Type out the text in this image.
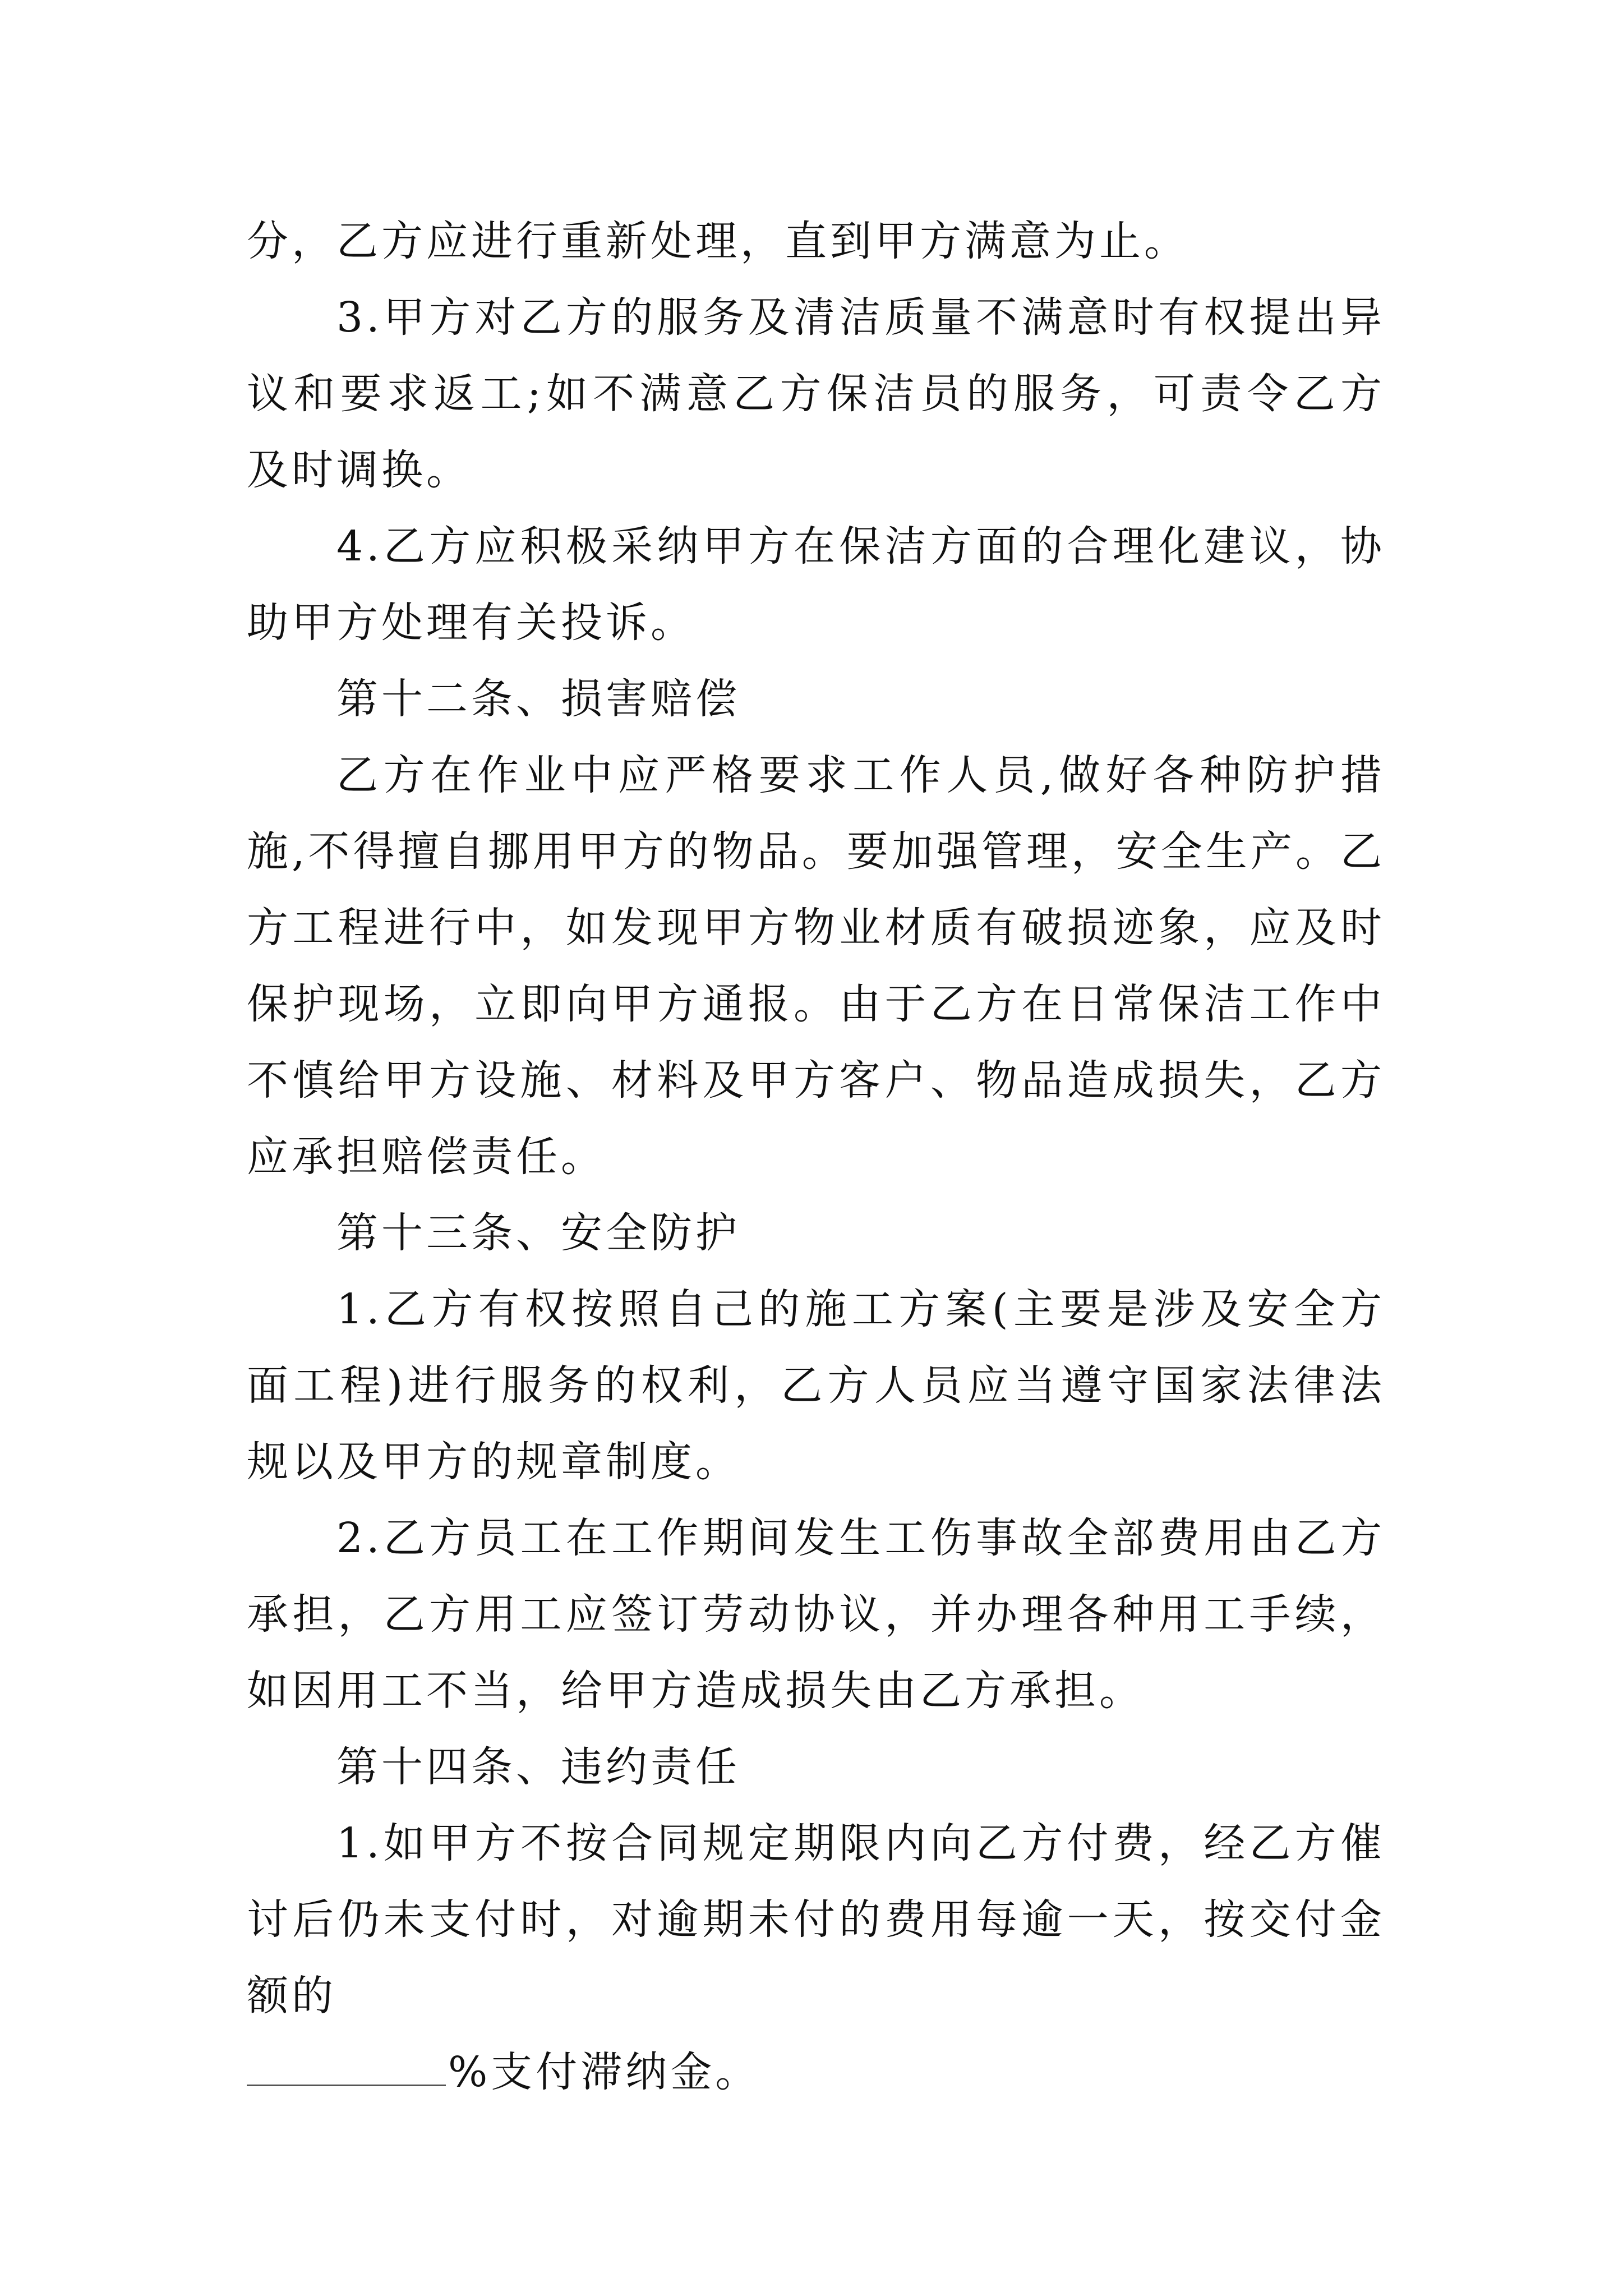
分，乙方应进行重新处理，直到甲方满意为止。

3.甲方对乙方的服务及清洁质量不满意时有权提出异议和要求返工;如不满意乙方保洁员的服务，可责令乙方及时调换。

4.乙方应积极采纳甲方在保洁方面的合理化建议，协助甲方处理有关投诉。

第十二条、损害赔偿

乙方在作业中应严格要求工作人员,做好各种防护措施,不得擅自挪用甲方的物品。要加强管理，安全生产。乙方工程进行中，如发现甲方物业材质有破损迹象，应及时保护现场，立即向甲方通报。由于乙方在日常保洁工作中不慎给甲方设施、材料及甲方客户、物品造成损失，乙方应承担赔偿责任。

第十三条、安全防护

1.乙方有权按照自己的施工方案(主要是涉及安全方面工程)进行服务的权利，乙方人员应当遵守国家法律法规以及甲方的规章制度。

2.乙方员工在工作期间发生工伤事故全部费用由乙方承担，乙方用工应签订劳动协议，并办理各种用工手续，如因用工不当，给甲方造成损失由乙方承担。

第十四条、违约责任

1.如甲方不按合同规定期限内向乙方付费，经乙方催讨后仍未支付时，对逾期未付的费用每逾一天，按交付金额的

%支付滞纳金。
